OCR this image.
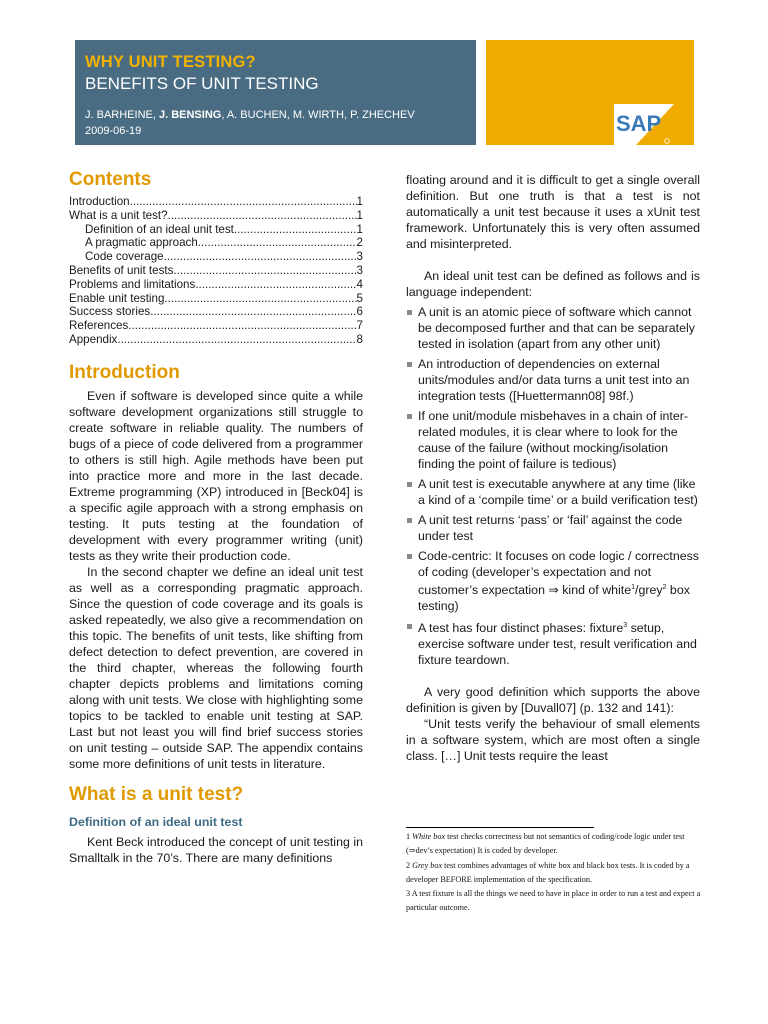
WHY UNIT TESTING?
BENEFITS OF UNIT TESTING
J. BARHEINE, J. BENSING, A. BUCHEN, M. WIRTH, P. ZHECHEV
2009-06-19	SAP
Contents
Introduction .....	1
What is a unit test? .....	1
Definition of an ideal unit test .....	1
A pragmatic approach .....	2
Code coverage .....	3
Benefits of unit tests .....	3
Problems and limitations .....	4
Enable unit testing .....	5
Success stories .....	6
References .....	7
Appendix .....	8
Introduction

Even if software is developed since quite a while software development organizations still struggle to create software in reliable quality. The numbers of bugs of a piece of code delivered from a programmer to others is still high. Agile methods have been put into practice more and more in the last decade. Extreme programming (XP) introduced in [Beck04] is a specific agile approach with a strong emphasis on testing. It puts testing at the foundation of development with every programmer writing (unit) tests as they write their production code.

In the second chapter we define an ideal unit test as well as a corresponding pragmatic approach. Since the question of code coverage and its goals is asked repeatedly, we also give a recommendation on this topic. The benefits of unit tests, like shifting from defect detection to defect prevention, are covered in the third chapter, whereas the following fourth chapter depicts problems and limitations coming along with unit tests. We close with highlighting some topics to be tackled to enable unit testing at SAP. Last but not least you will find brief success stories on unit testing – outside SAP. The appendix contains some more definitions of unit tests in literature.

What is a unit test?
Definition of an ideal unit test

Kent Beck introduced the concept of unit testing in Smalltalk in the 70’s. There are many definitions

floating around and it is difficult to get a single overall definition. But one truth is that a test is not automatically a unit test because it uses a xUnit test framework. Unfortunately this is very often assumed and misinterpreted.

An ideal unit test can be defined as follows and is language independent:

A unit is an atomic piece of software which cannot be decomposed further and that can be separately tested in isolation (apart from any other unit)
An introduction of dependencies on external units/modules and/or data turns a unit test into an integration tests ([Huettermann08] 98f.)
If one unit/module misbehaves in a chain of inter-related modules, it is clear where to look for the cause of the failure (without mocking/isolation finding the point of failure is tedious)
A unit test is executable anywhere at any time (like a kind of a ‘compile time’ or a build verification test)
A unit test returns ‘pass’ or ‘fail’ against the code under test
Code-centric: It focuses on code logic / correctness of coding (developer’s expectation and not customer’s expectation ⇒ kind of white$^1$/grey$^2$ box testing)
A test has four distinct phases: fixture$^3$ setup, exercise software under test, result verification and fixture teardown.

A very good definition which supports the above definition is given by [Duvall07] (p. 132 and 141):

“Unit tests verify the behaviour of small elements in a software system, which are most often a single class. […] Unit tests require the least

1 White box test checks correctness but not semantics of coding/code logic under test (⇒dev’s expectation) It is coded by developer.
2 Grey box test combines advantages of white box and black box tests. It is coded by a developer BEFORE implementation of the specification.
3 A test fixture is all the things we need to have in place in order to run a test and expect a particular outcome.
